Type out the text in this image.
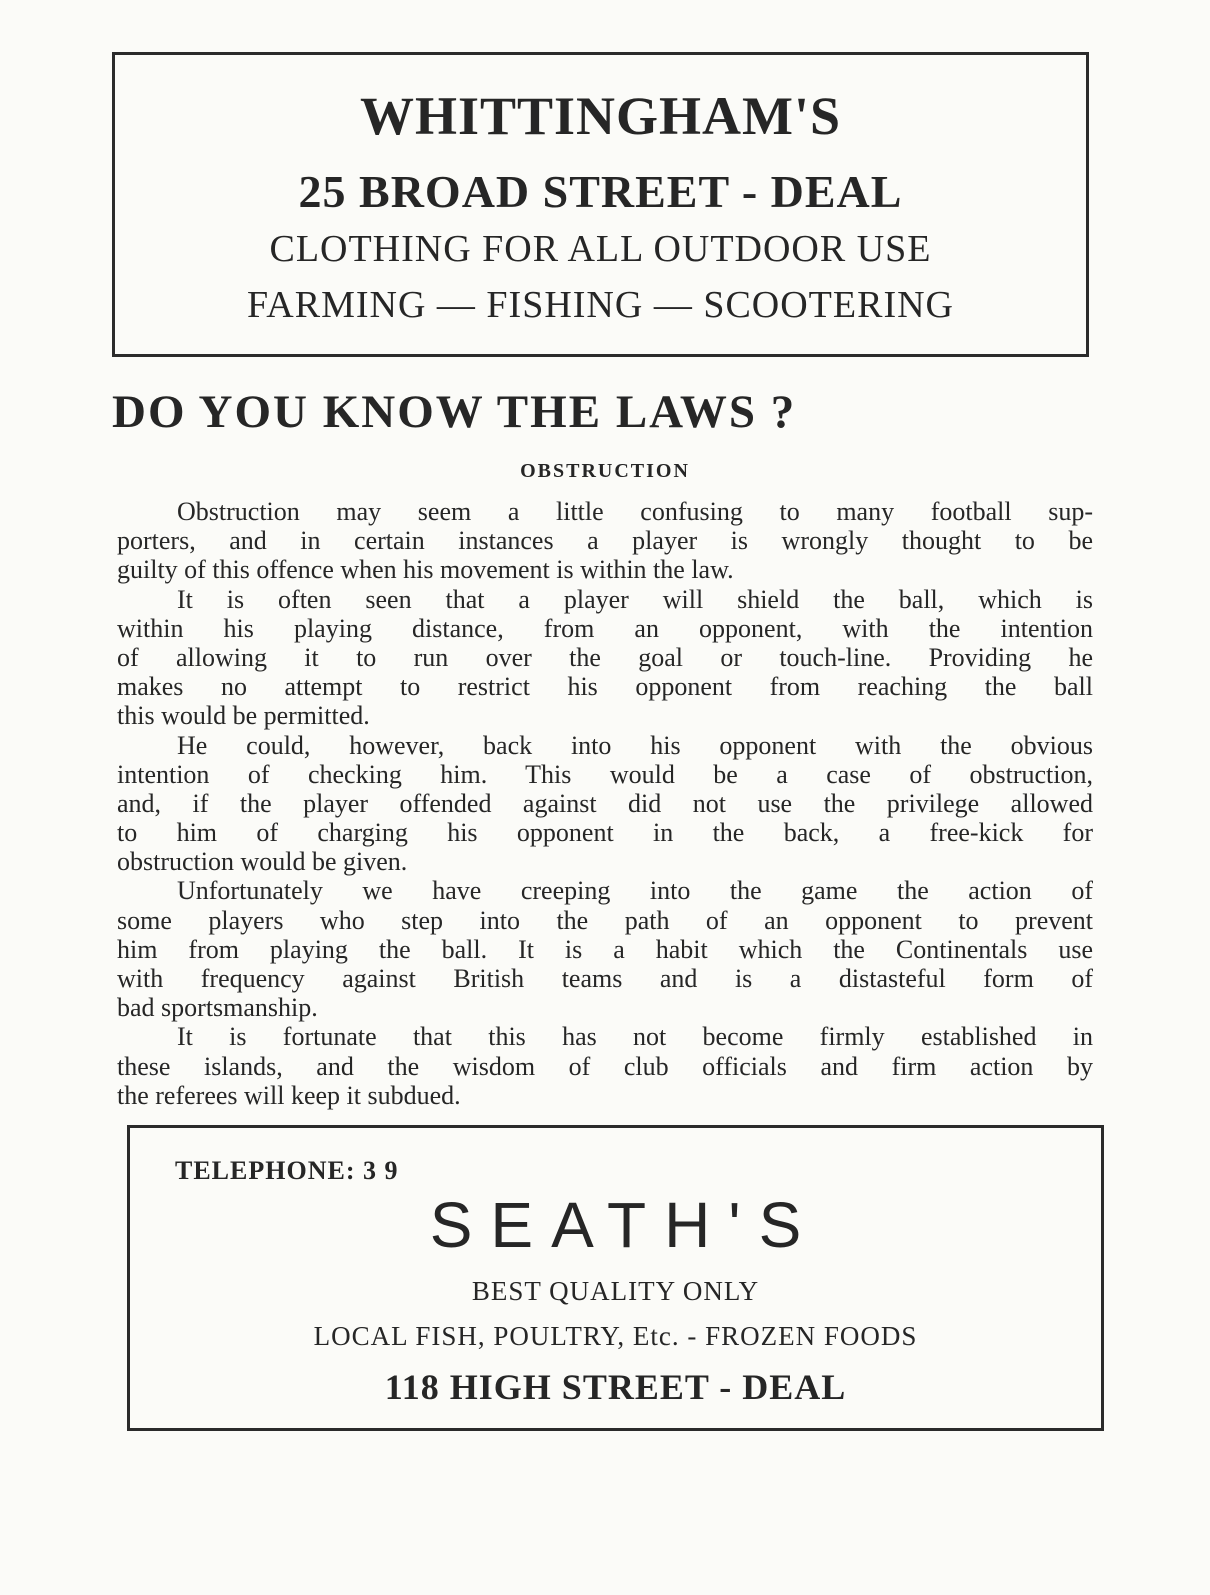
WHITTINGHAM'S
25 BROAD STREET - DEAL
CLOTHING FOR ALL OUTDOOR USE
FARMING — FISHING — SCOOTERING
DO YOU KNOW THE LAWS ?
OBSTRUCTION
Obstruction may seem a little confusing to many football sup-
porters, and in certain instances a player is wrongly thought to be
guilty of this offence when his movement is within the law.
It is often seen that a player will shield the ball, which is
within his playing distance, from an opponent, with the intention
of allowing it to run over the goal or touch-line. Providing he
makes no attempt to restrict his opponent from reaching the ball
this would be permitted.
He could, however, back into his opponent with the obvious
intention of checking him. This would be a case of obstruction,
and, if the player offended against did not use the privilege allowed
to him of charging his opponent in the back, a free-kick for
obstruction would be given.
Unfortunately we have creeping into the game the action of
some players who step into the path of an opponent to prevent
him from playing the ball. It is a habit which the Continentals use
with frequency against British teams and is a distasteful form of
bad sportsmanship.
It is fortunate that this has not become firmly established in
these islands, and the wisdom of club officials and firm action by
the referees will keep it subdued.
TELEPHONE: 3 9
SEATH'S
BEST QUALITY ONLY
LOCAL FISH, POULTRY, Etc. - FROZEN FOODS
118 HIGH STREET - DEAL
